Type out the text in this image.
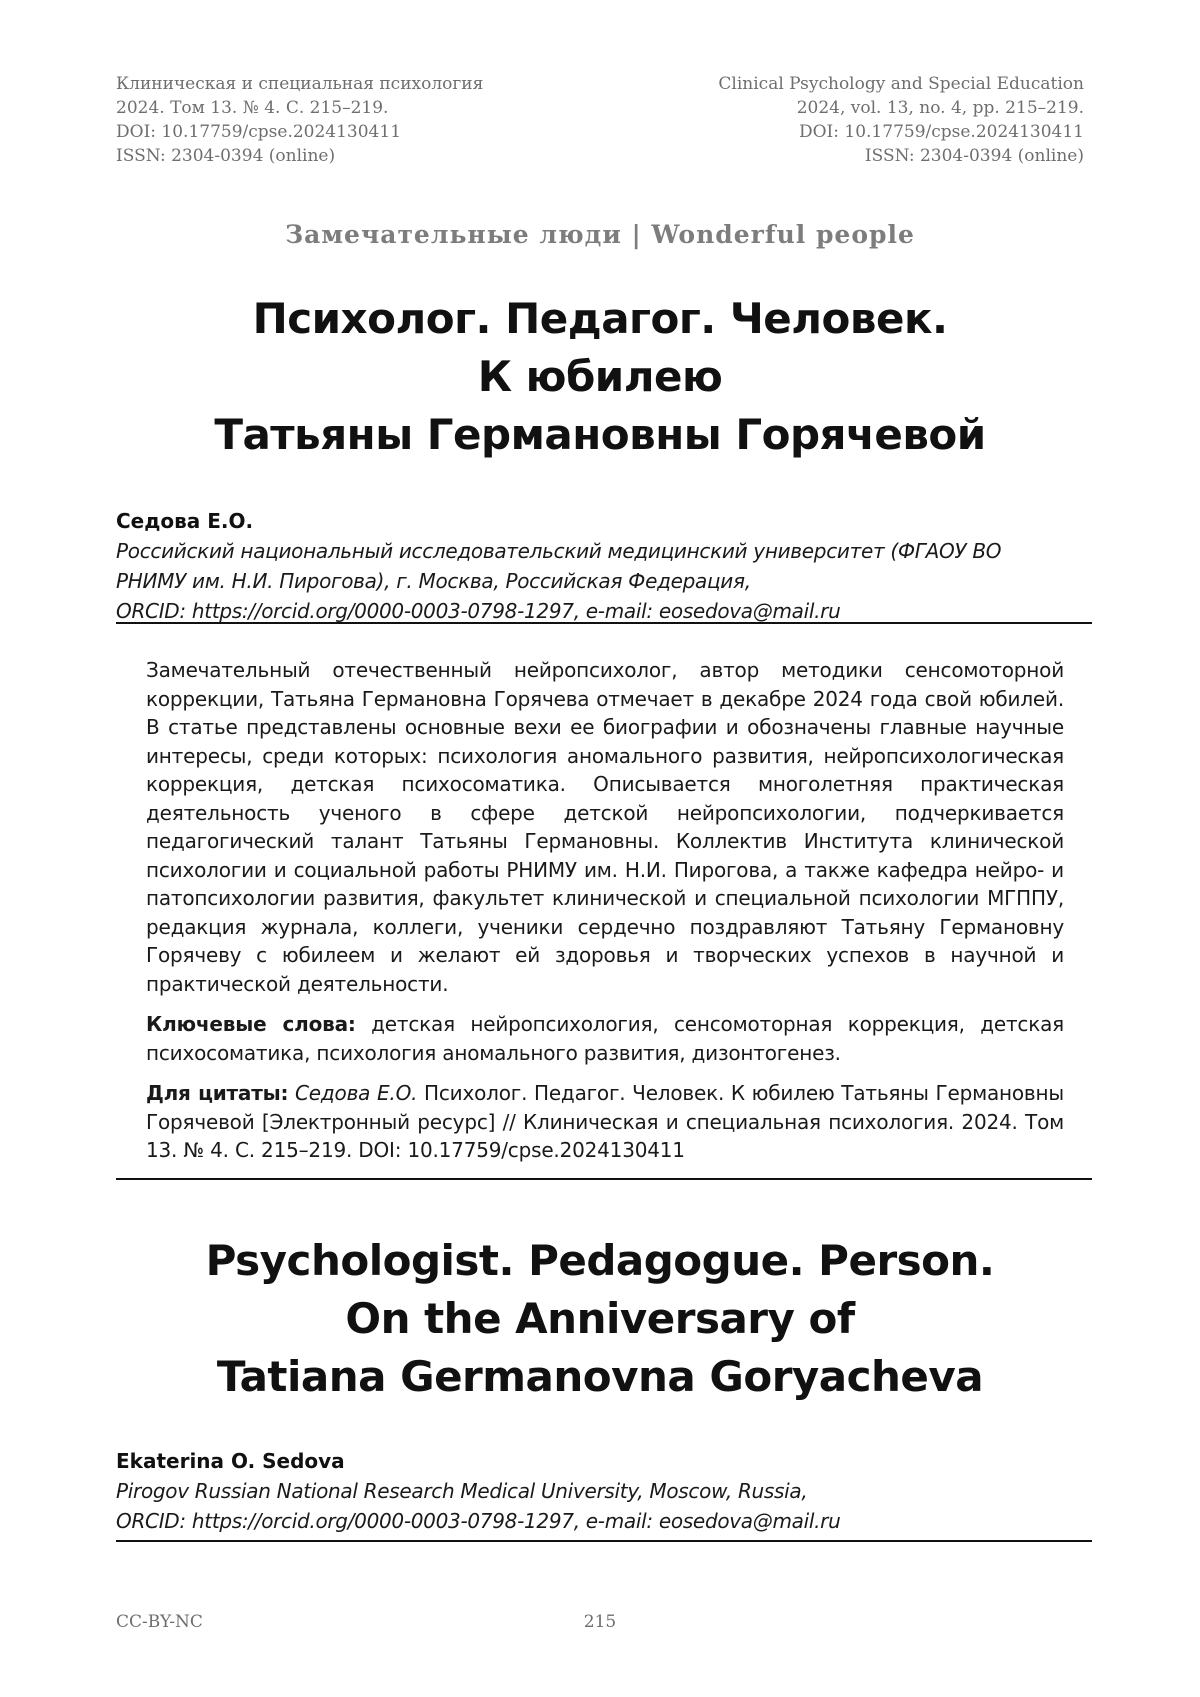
Клиническая и специальная психология
2024. Том 13. № 4. С. 215–219.
DOI: 10.17759/cpse.2024130411
ISSN: 2304-0394 (online)
Clinical Psychology and Special Education
2024, vol. 13, no. 4, pp. 215–219.
DOI: 10.17759/cpse.2024130411
ISSN: 2304-0394 (online)
Замечательные люди | Wonderful people
Психолог. Педагог. Человек.
К юбилею
Татьяны Германовны Горячевой
Седова Е.О.
Российский национальный исследовательский медицинский университет (ФГАОУ ВО
РНИМУ им. Н.И. Пирогова), г. Москва, Российская Федерация,
ORCID: https://orcid.org/0000-0003-0798-1297, e-mail: eosedova@mail.ru

Замечательный отечественный нейропсихолог, автор методики сенсомоторной коррекции, Татьяна Германовна Горячева отмечает в декабре 2024 года свой юбилей. В статье представлены основные вехи ее биографии и обозначены главные научные интересы, среди которых: психология аномального развития, нейропсихологическая коррекция, детская психосоматика. Описывается многолетняя практическая деятельность ученого в сфере детской нейропсихологии, подчеркивается педагогический талант Татьяны Германовны. Коллектив Института клинической психологии и социальной работы РНИМУ им. Н.И. Пирогова, а также кафедра нейро- и патопсихологии развития, факультет клинической и специальной психологии МГППУ, редакция журнала, коллеги, ученики сердечно поздравляют Татьяну Германовну Горячеву с юбилеем и желают ей здоровья и творческих успехов в научной и практической деятельности.

Ключевые слова: детская нейропсихология, сенсомоторная коррекция, детская психосоматика, психология аномального развития, дизонтогенез.

Для цитаты: Седова Е.О. Психолог. Педагог. Человек. К юбилею Татьяны Германовны Горячевой [Электронный ресурс] // Клиническая и специальная психология. 2024. Том 13. № 4. С. 215–219. DOI: 10.17759/cpse.2024130411

Psychologist. Pedagogue. Person.
On the Anniversary of
Tatiana Germanovna Goryacheva
Ekaterina O. Sedova
Pirogov Russian National Research Medical University, Moscow, Russia,
ORCID: https://orcid.org/0000-0003-0798-1297, e-mail: eosedova@mail.ru
CC-BY-NC	215
